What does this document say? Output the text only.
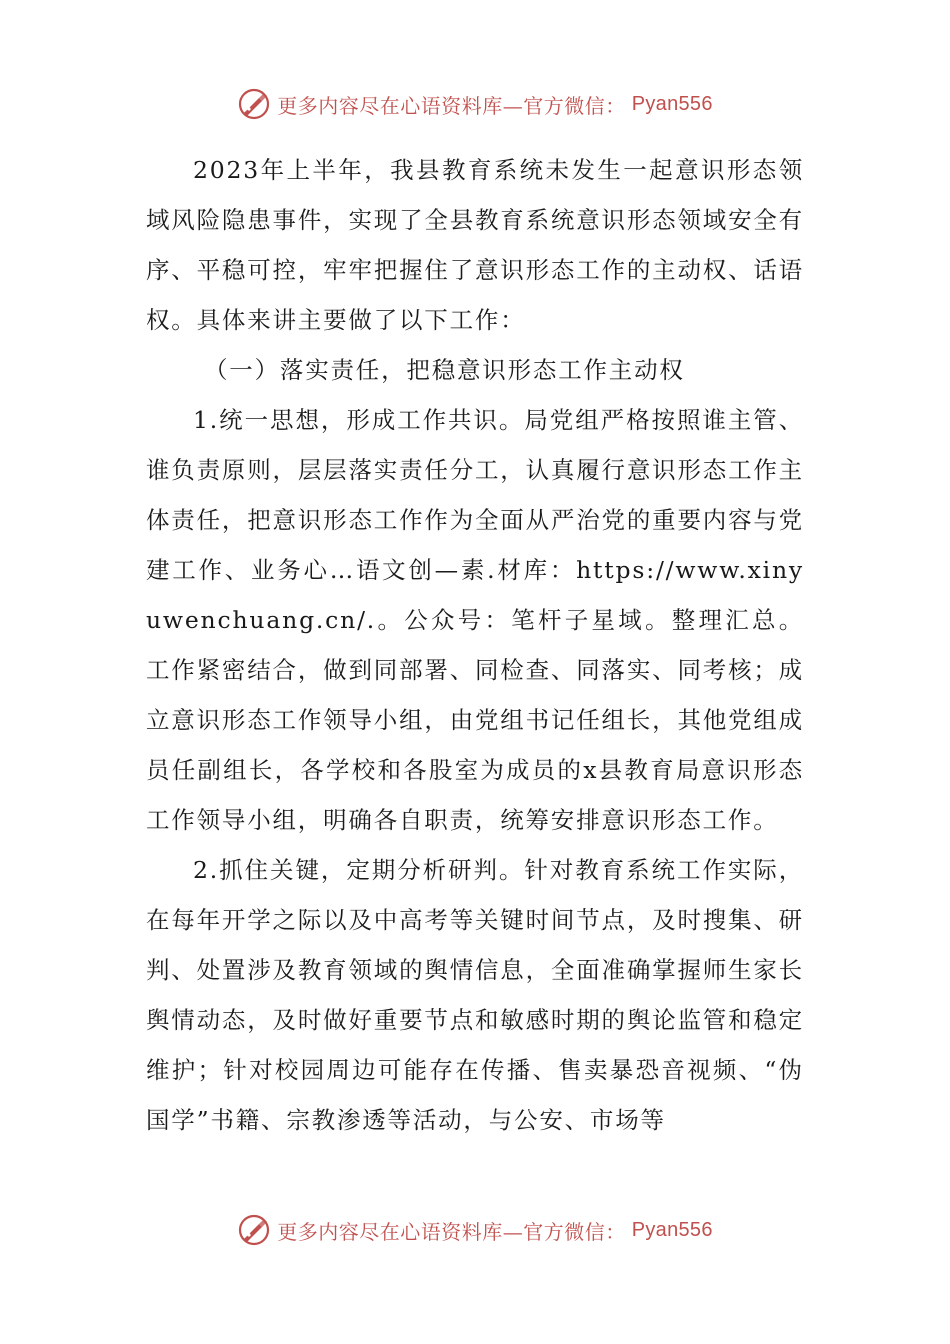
更多内容尽在心语资料库—官方微信： Pyan556

2023年上半年，我县教育系统未发生一起意识形态领域风险隐患事件，实现了全县教育系统意识形态领域安全有序、平稳可控，牢牢把握住了意识形态工作的主动权、话语权。具体来讲主要做了以下工作：

（一）落实责任，把稳意识形态工作主动权

1.统一思想，形成工作共识。局党组严格按照谁主管、谁负责原则，层层落实责任分工，认真履行意识形态工作主体责任，把意识形态工作作为全面从严治党的重要内容与党建工作、业务心…语文创—素.材库：https://www.xinyuwenchuang.cn/.。公众号：笔杆子星域。整理汇总。工作紧密结合，做到同部署、同检查、同落实、同考核；成立意识形态工作领导小组，由党组书记任组长，其他党组成员任副组长，各学校和各股室为成员的x县教育局意识形态工作领导小组，明确各自职责，统筹安排意识形态工作。

2.抓住关键，定期分析研判。针对教育系统工作实际，在每年开学之际以及中高考等关键时间节点，及时搜集、研判、处置涉及教育领域的舆情信息，全面准确掌握师生家长舆情动态，及时做好重要节点和敏感时期的舆论监管和稳定维护；针对校园周边可能存在传播、售卖暴恐音视频、“伪国学”书籍、宗教渗透等活动，与公安、市场等

更多内容尽在心语资料库—官方微信： Pyan556
